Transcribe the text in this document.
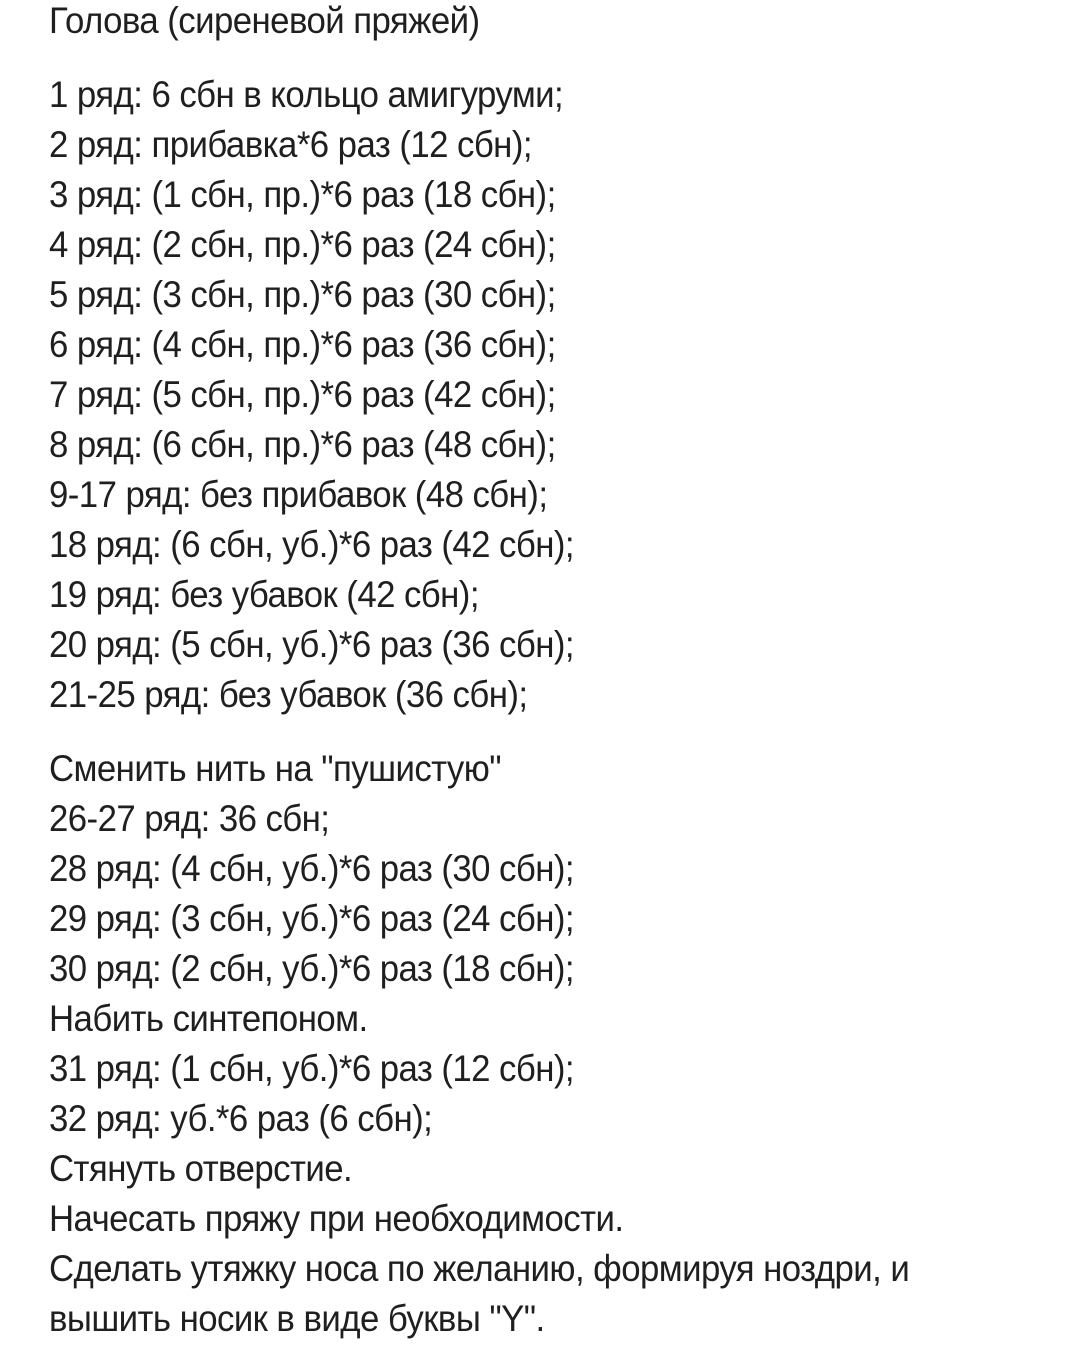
Голова (сиреневой пряжей)

1 ряд: 6 сбн в кольцо амигуруми;

2 ряд: прибавка*6 раз (12 сбн);

3 ряд: (1 сбн, пр.)*6 раз (18 сбн);

4 ряд: (2 сбн, пр.)*6 раз (24 сбн);

5 ряд: (3 сбн, пр.)*6 раз (30 сбн);

6 ряд: (4 сбн, пр.)*6 раз (36 сбн);

7 ряд: (5 сбн, пр.)*6 раз (42 сбн);

8 ряд: (6 сбн, пр.)*6 раз (48 сбн);

9-17 ряд: без прибавок (48 сбн);

18 ряд: (6 сбн, уб.)*6 раз (42 сбн);

19 ряд: без убавок (42 сбн);

20 ряд: (5 сбн, уб.)*6 раз (36 сбн);

21-25 ряд: без убавок (36 сбн);

Сменить нить на "пушистую"

26-27 ряд: 36 сбн;

28 ряд: (4 сбн, уб.)*6 раз (30 сбн);

29 ряд: (3 сбн, уб.)*6 раз (24 сбн);

30 ряд: (2 сбн, уб.)*6 раз (18 сбн);

Набить синтепоном.

31 ряд: (1 сбн, уб.)*6 раз (12 сбн);

32 ряд: уб.*6 раз (6 сбн);

Стянуть отверстие.

Начесать пряжу при необходимости.

Сделать утяжку носа по желанию, формируя ноздри, и вышить носик в виде буквы "Y".
